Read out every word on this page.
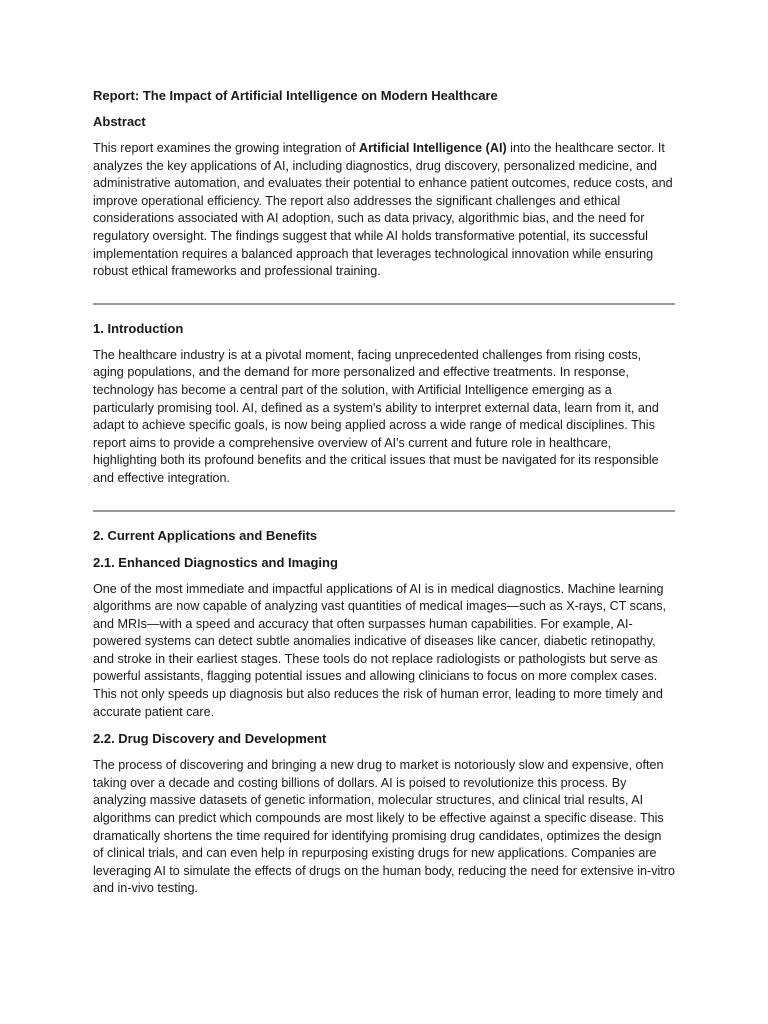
Report: The Impact of Artificial Intelligence on Modern Healthcare
Abstract

This report examines the growing integration of Artificial Intelligence (AI) into the healthcare sector. It analyzes the key applications of AI, including diagnostics, drug discovery, personalized medicine, and administrative automation, and evaluates their potential to enhance patient outcomes, reduce costs, and improve operational efficiency. The report also addresses the significant challenges and ethical considerations associated with AI adoption, such as data privacy, algorithmic bias, and the need for regulatory oversight. The findings suggest that while AI holds transformative potential, its successful implementation requires a balanced approach that leverages technological innovation while ensuring robust ethical frameworks and professional training.

1. Introduction

The healthcare industry is at a pivotal moment, facing unprecedented challenges from rising costs, aging populations, and the demand for more personalized and effective treatments. In response, technology has become a central part of the solution, with Artificial Intelligence emerging as a particularly promising tool. AI, defined as a system's ability to interpret external data, learn from it, and adapt to achieve specific goals, is now being applied across a wide range of medical disciplines. This report aims to provide a comprehensive overview of AI's current and future role in healthcare, highlighting both its profound benefits and the critical issues that must be navigated for its responsible and effective integration.

2. Current Applications and Benefits
2.1. Enhanced Diagnostics and Imaging

One of the most immediate and impactful applications of AI is in medical diagnostics. Machine learning algorithms are now capable of analyzing vast quantities of medical images—such as X-rays, CT scans, and MRIs—with a speed and accuracy that often surpasses human capabilities. For example, AI-powered systems can detect subtle anomalies indicative of diseases like cancer, diabetic retinopathy, and stroke in their earliest stages. These tools do not replace radiologists or pathologists but serve as powerful assistants, flagging potential issues and allowing clinicians to focus on more complex cases. This not only speeds up diagnosis but also reduces the risk of human error, leading to more timely and accurate patient care.

2.2. Drug Discovery and Development

The process of discovering and bringing a new drug to market is notoriously slow and expensive, often taking over a decade and costing billions of dollars. AI is poised to revolutionize this process. By analyzing massive datasets of genetic information, molecular structures, and clinical trial results, AI algorithms can predict which compounds are most likely to be effective against a specific disease. This dramatically shortens the time required for identifying promising drug candidates, optimizes the design of clinical trials, and can even help in repurposing existing drugs for new applications. Companies are leveraging AI to simulate the effects of drugs on the human body, reducing the need for extensive in-vitro and in-vivo testing.
